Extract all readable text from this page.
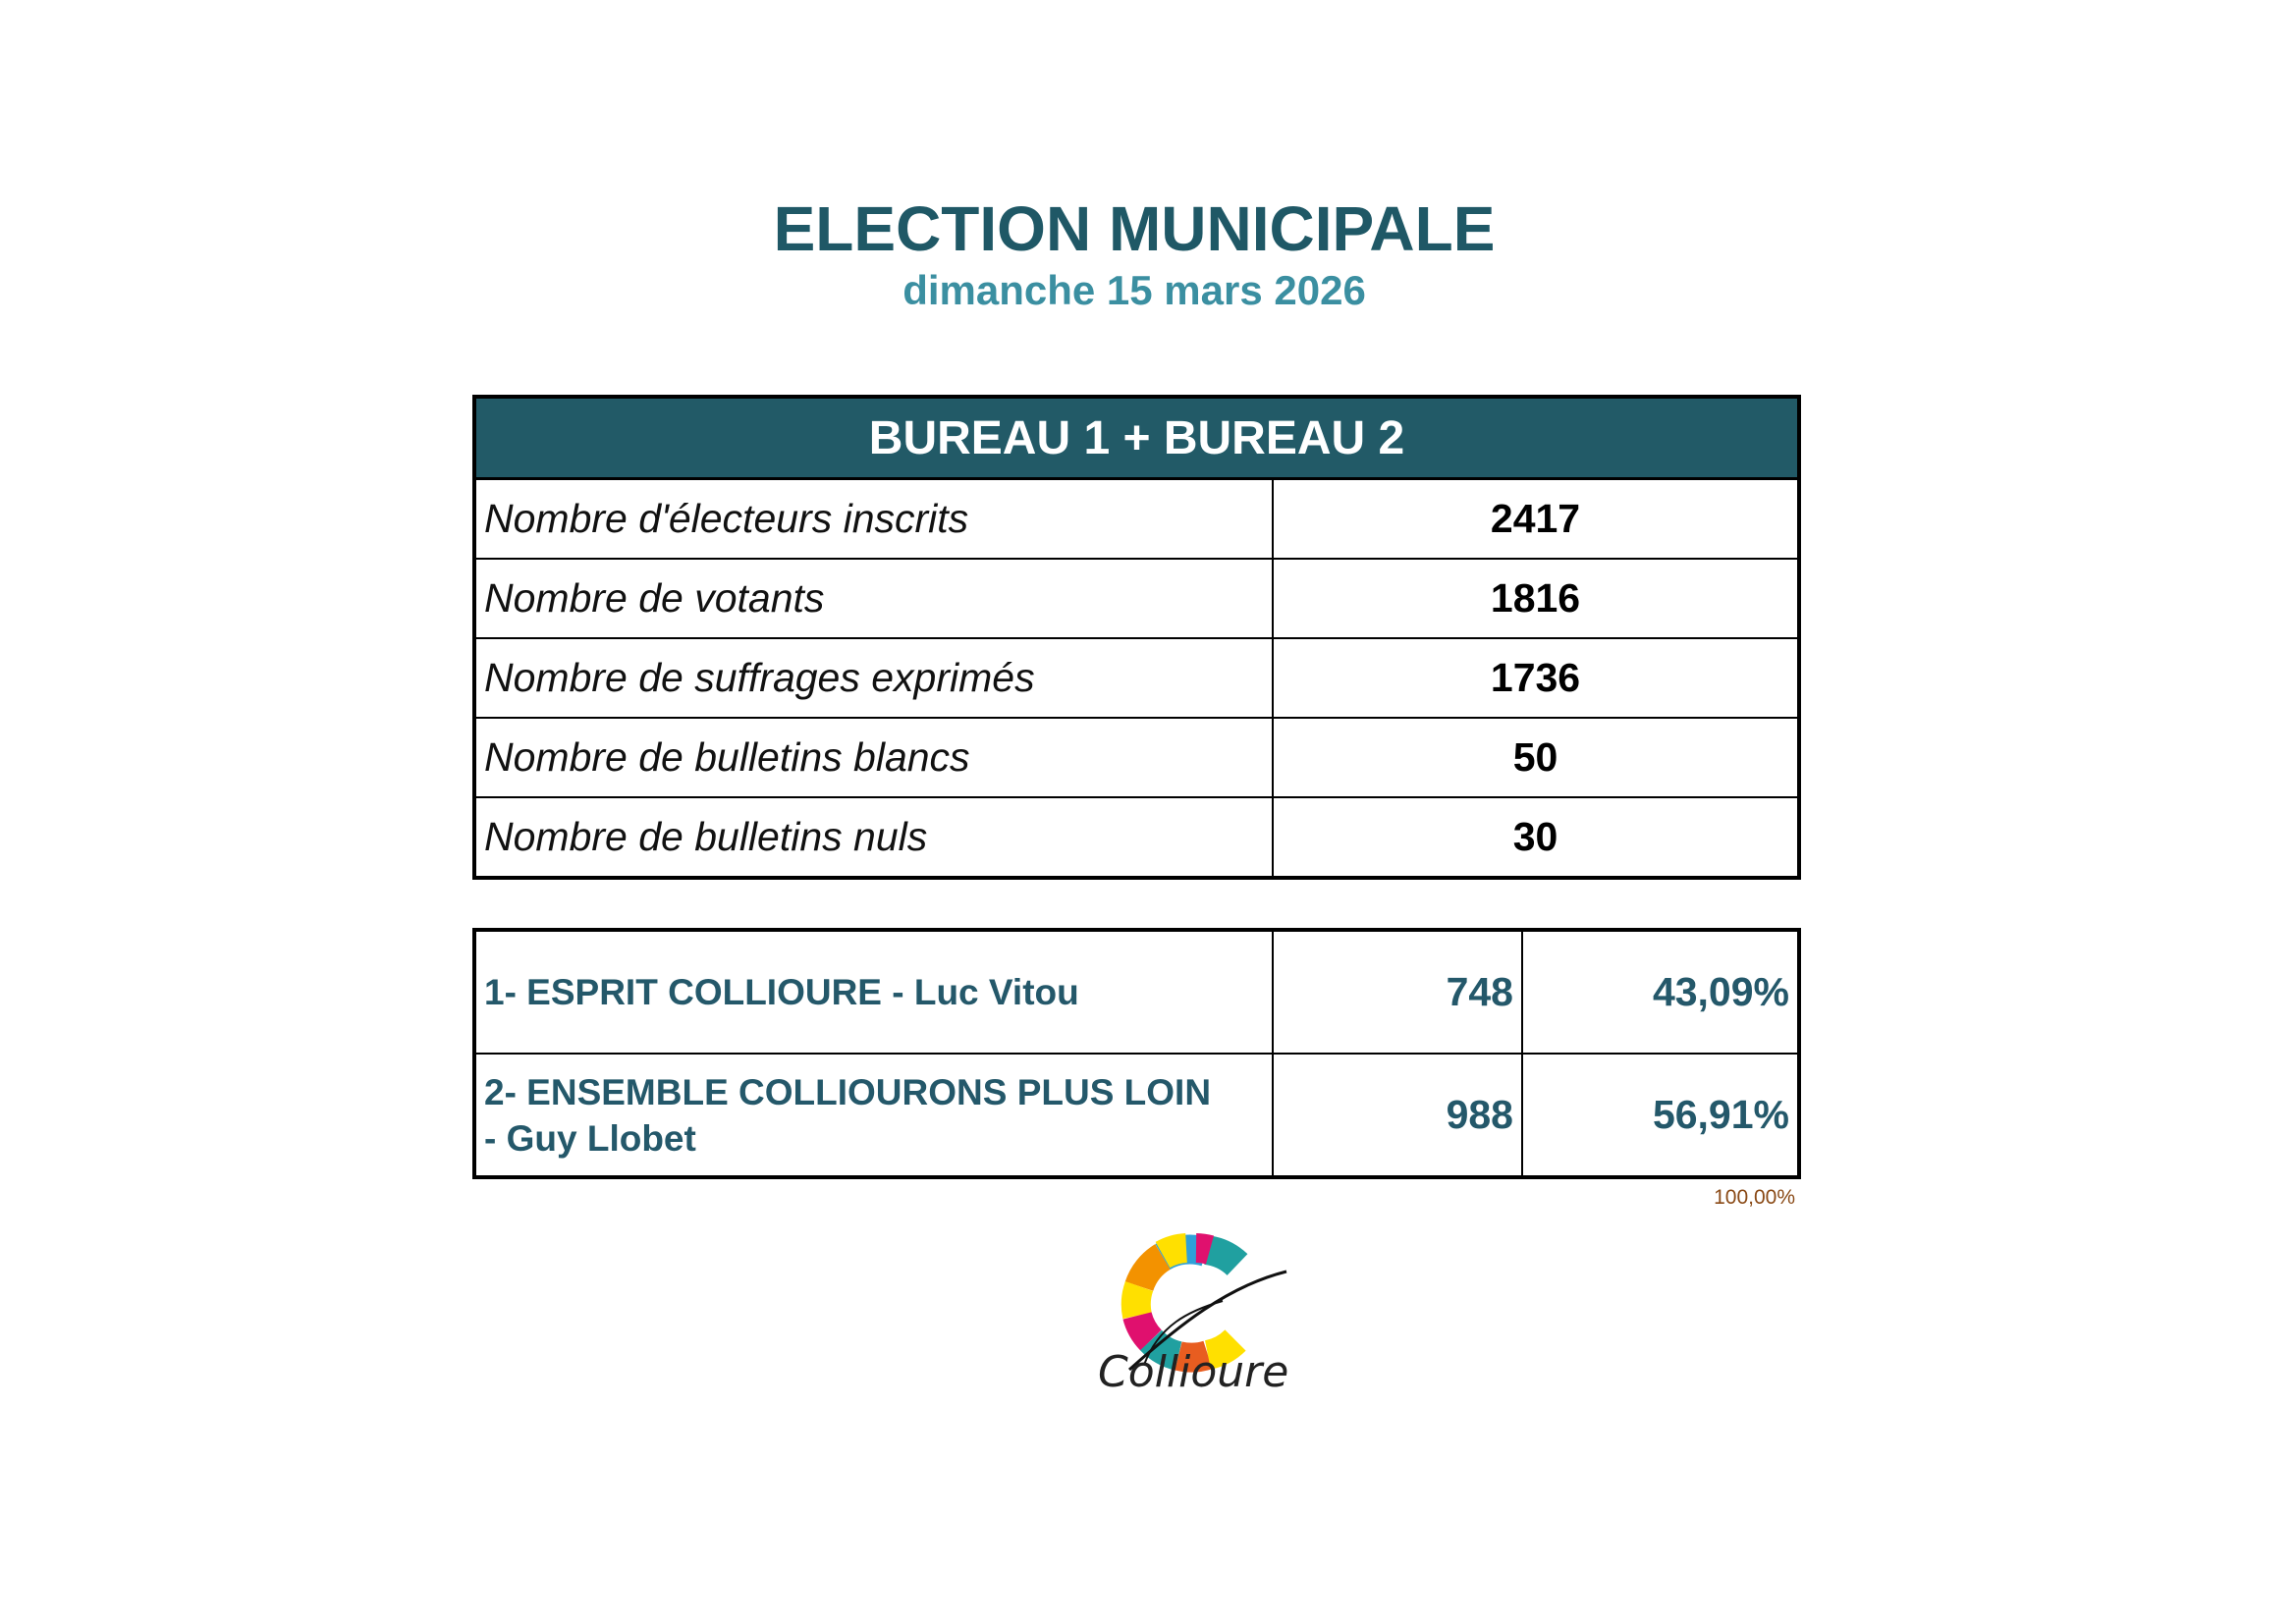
ELECTION MUNICIPALE
dimanche 15 mars 2026
BUREAU 1 + BUREAU 2	
Nombre d'électeurs inscrits	2417
Nombre de votants	1816
Nombre de suffrages exprimés	1736
Nombre de bulletins blancs	50
Nombre de bulletins nuls	30
1- ESPRIT COLLIOURE - Luc Vitou	748	43,09%
2- ENSEMBLE COLLIOURONS PLUS LOIN
- Guy Llobet	988	56,91%
100,00%
Collioure
